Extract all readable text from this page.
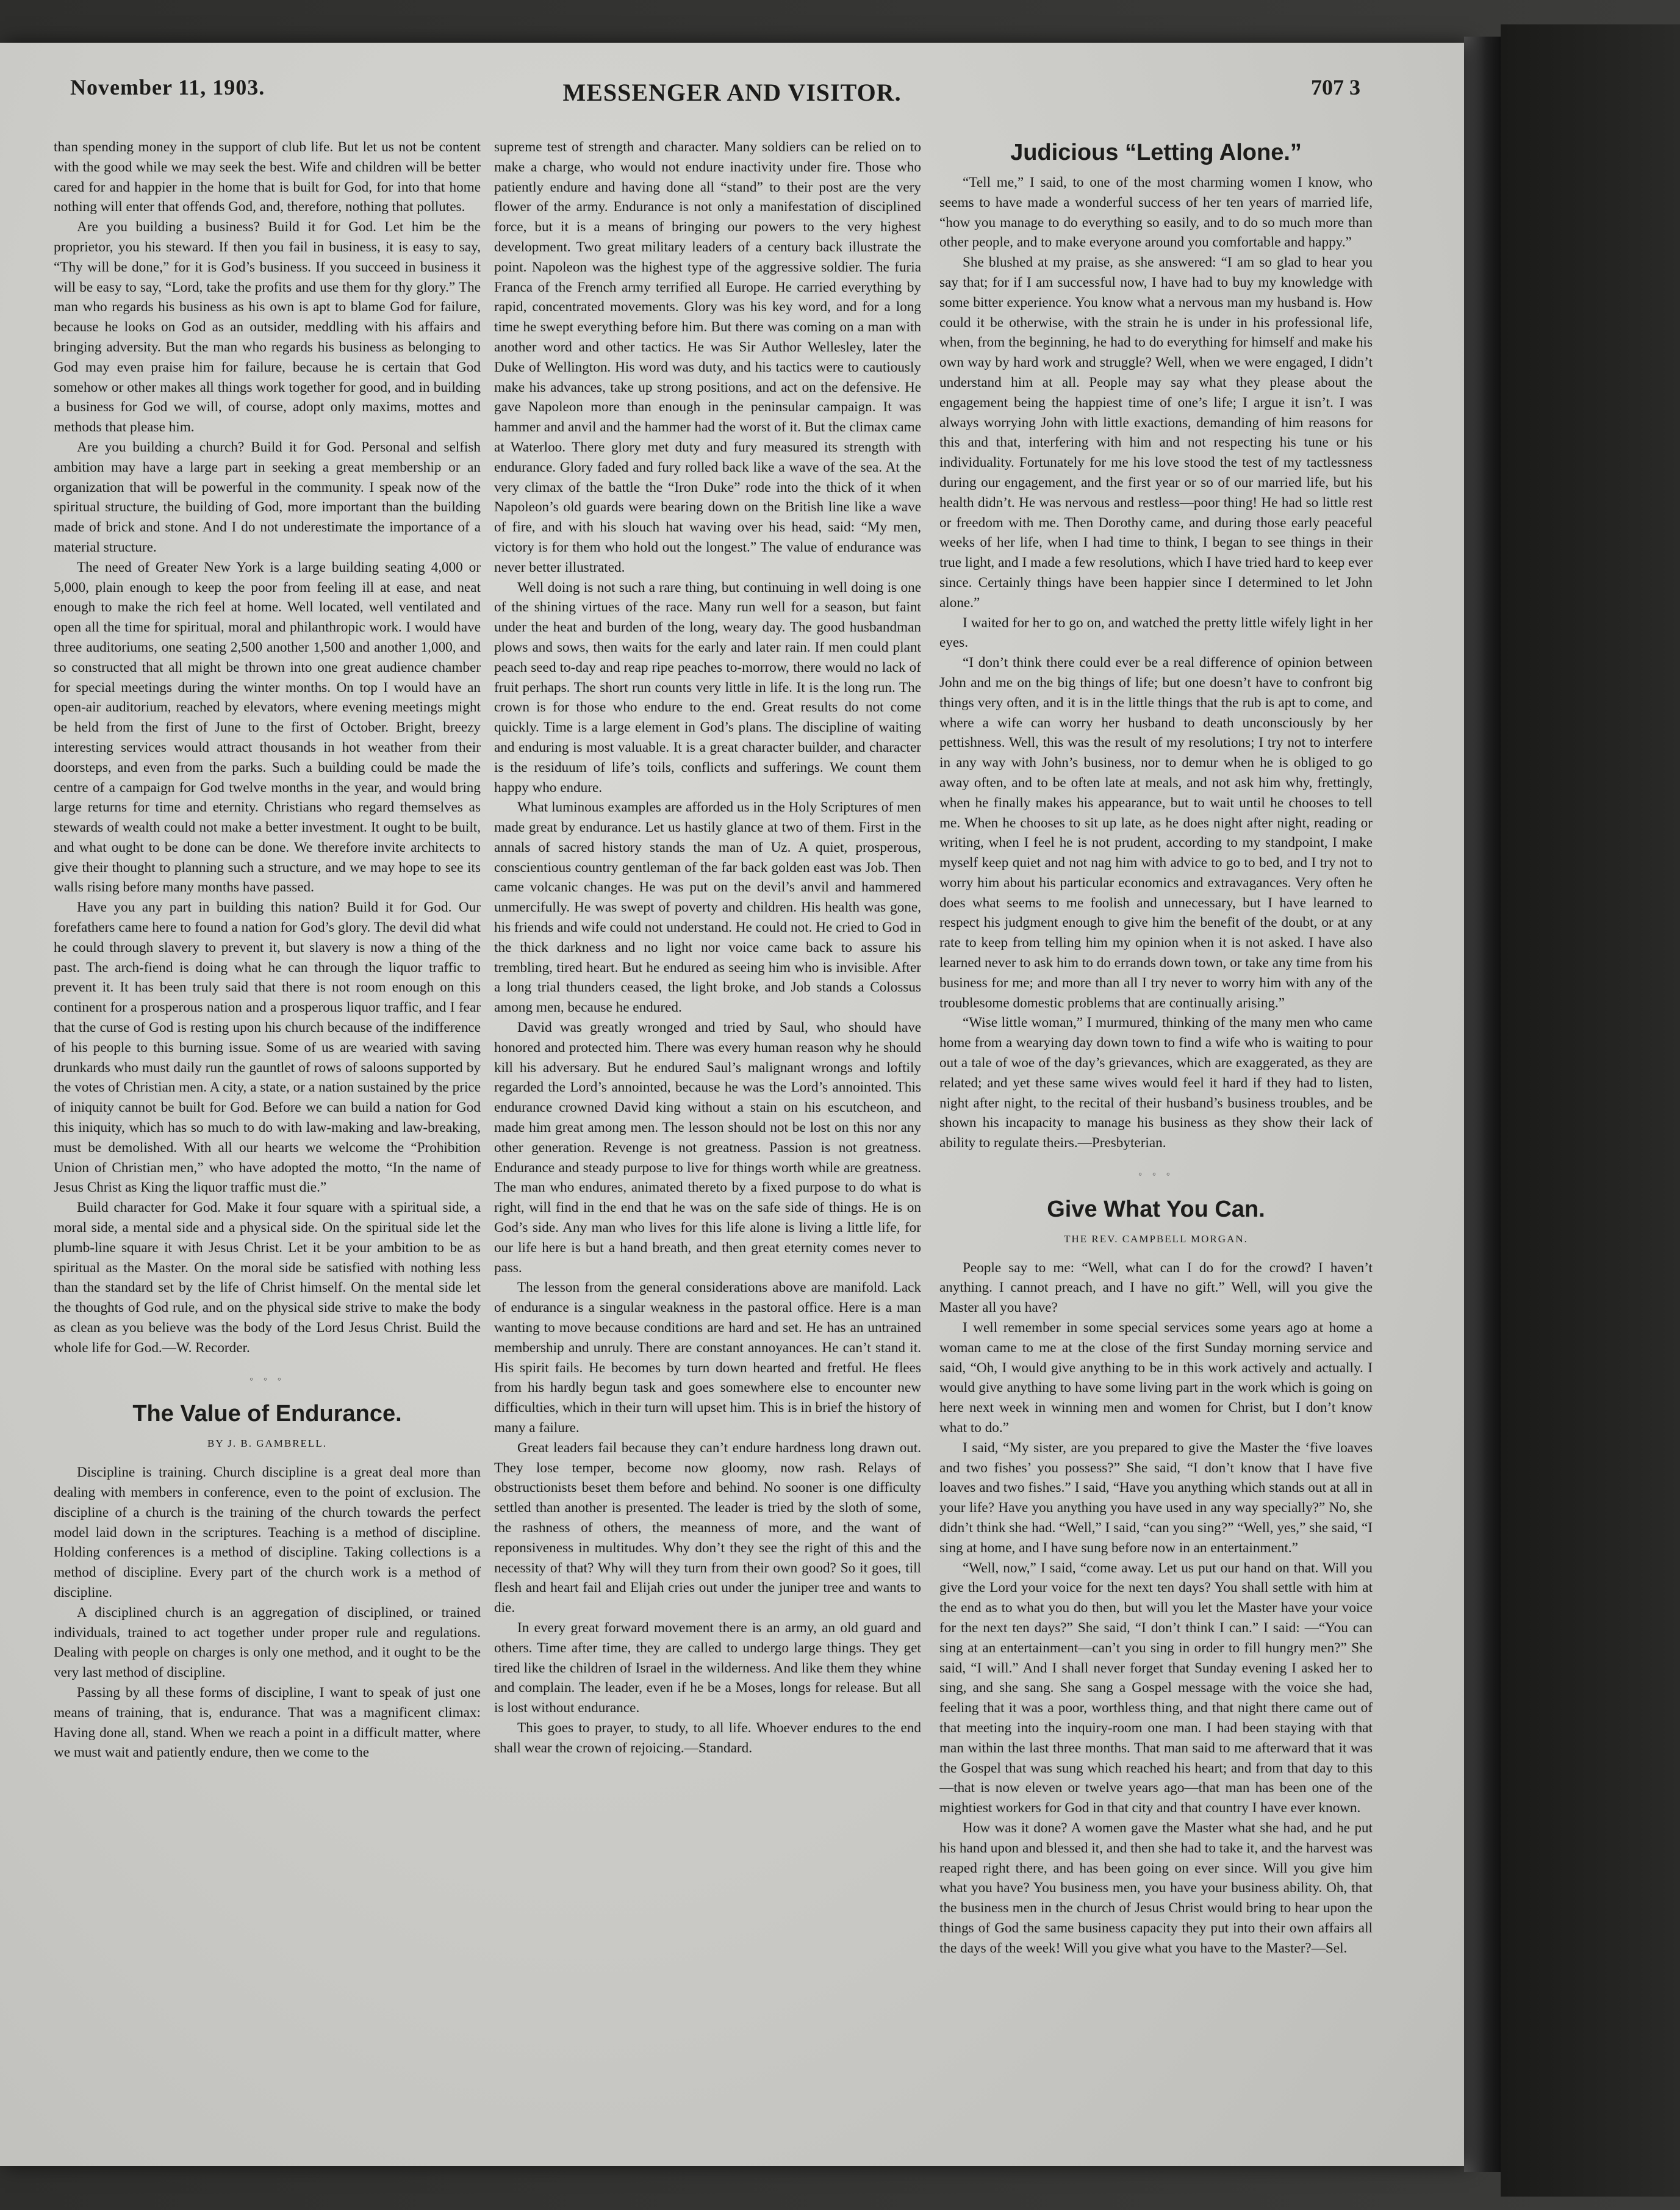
November 11, 1903.	MESSENGER AND VISITOR.	707 3

than spending money in the support of club life. But let us not be content with the good while we may seek the best. Wife and children will be better cared for and happier in the home that is built for God, for into that home nothing will enter that offends God, and, therefore, nothing that pollutes.

Are you building a business? Build it for God. Let him be the proprietor, you his steward. If then you fail in business, it is easy to say, “Thy will be done,” for it is God’s business. If you succeed in business it will be easy to say, “Lord, take the profits and use them for thy glory.” The man who regards his business as his own is apt to blame God for failure, because he looks on God as an outsider, meddling with his affairs and bringing adversity. But the man who regards his business as belonging to God may even praise him for failure, because he is certain that God somehow or other makes all things work together for good, and in building a business for God we will, of course, adopt only maxims, mottes and methods that please him.

Are you building a church? Build it for God. Personal and selfish ambition may have a large part in seeking a great membership or an organization that will be powerful in the community. I speak now of the spiritual structure, the building of God, more important than the building made of brick and stone. And I do not underestimate the importance of a material structure.

The need of Greater New York is a large building seating 4,000 or 5,000, plain enough to keep the poor from feeling ill at ease, and neat enough to make the rich feel at home. Well located, well ventilated and open all the time for spiritual, moral and philanthropic work. I would have three auditoriums, one seating 2,500 another 1,500 and another 1,000, and so constructed that all might be thrown into one great audience chamber for special meetings during the winter months. On top I would have an open-air auditorium, reached by elevators, where evening meetings might be held from the first of June to the first of October. Bright, breezy interesting services would attract thousands in hot weather from their doorsteps, and even from the parks. Such a building could be made the centre of a campaign for God twelve months in the year, and would bring large returns for time and eternity. Christians who regard themselves as stewards of wealth could not make a better investment. It ought to be built, and what ought to be done can be done. We therefore invite architects to give their thought to planning such a structure, and we may hope to see its walls rising before many months have passed.

Have you any part in building this nation? Build it for God. Our forefathers came here to found a nation for God’s glory. The devil did what he could through slavery to prevent it, but slavery is now a thing of the past. The arch-fiend is doing what he can through the liquor traffic to prevent it. It has been truly said that there is not room enough on this continent for a prosperous nation and a prosperous liquor traffic, and I fear that the curse of God is resting upon his church because of the indifference of his people to this burning issue. Some of us are wearied with saving drunkards who must daily run the gauntlet of rows of saloons supported by the votes of Christian men. A city, a state, or a nation sustained by the price of iniquity cannot be built for God. Before we can build a nation for God this iniquity, which has so much to do with law-making and law-breaking, must be demolished. With all our hearts we welcome the “Prohibition Union of Christian men,” who have adopted the motto, “In the name of Jesus Christ as King the liquor traffic must die.”

Build character for God. Make it four square with a spiritual side, a moral side, a mental side and a physical side. On the spiritual side let the plumb-line square it with Jesus Christ. Let it be your ambition to be as spiritual as the Master. On the moral side be satisfied with nothing less than the standard set by the life of Christ himself. On the mental side let the thoughts of God rule, and on the physical side strive to make the body as clean as you believe was the body of the Lord Jesus Christ. Build the whole life for God.—W. Recorder.

◦ ◦ ◦
The Value of Endurance.
BY J. B. GAMBRELL.

Discipline is training. Church discipline is a great deal more than dealing with members in conference, even to the point of exclusion. The discipline of a church is the training of the church towards the perfect model laid down in the scriptures. Teaching is a method of discipline. Holding conferences is a method of discipline. Taking collections is a method of discipline. Every part of the church work is a method of discipline.

A disciplined church is an aggregation of disciplined, or trained individuals, trained to act together under proper rule and regulations. Dealing with people on charges is only one method, and it ought to be the very last method of discipline.

Passing by all these forms of discipline, I want to speak of just one means of training, that is, endurance. That was a magnificent climax: Having done all, stand. When we reach a point in a difficult matter, where we must wait and patiently endure, then we come to the

supreme test of strength and character. Many soldiers can be relied on to make a charge, who would not endure inactivity under fire. Those who patiently endure and having done all “stand” to their post are the very flower of the army. Endurance is not only a manifestation of disciplined force, but it is a means of bringing our powers to the very highest development. Two great military leaders of a century back illustrate the point. Napoleon was the highest type of the aggressive soldier. The furia Franca of the French army terrified all Europe. He carried everything by rapid, concentrated movements. Glory was his key word, and for a long time he swept everything before him. But there was coming on a man with another word and other tactics. He was Sir Author Wellesley, later the Duke of Wellington. His word was duty, and his tactics were to cautiously make his advances, take up strong positions, and act on the defensive. He gave Napoleon more than enough in the peninsular campaign. It was hammer and anvil and the hammer had the worst of it. But the climax came at Waterloo. There glory met duty and fury measured its strength with endurance. Glory faded and fury rolled back like a wave of the sea. At the very climax of the battle the “Iron Duke” rode into the thick of it when Napoleon’s old guards were bearing down on the British line like a wave of fire, and with his slouch hat waving over his head, said: “My men, victory is for them who hold out the longest.” The value of endurance was never better illustrated.

Well doing is not such a rare thing, but continuing in well doing is one of the shining virtues of the race. Many run well for a season, but faint under the heat and burden of the long, weary day. The good husbandman plows and sows, then waits for the early and later rain. If men could plant peach seed to-day and reap ripe peaches to-morrow, there would no lack of fruit perhaps. The short run counts very little in life. It is the long run. The crown is for those who endure to the end. Great results do not come quickly. Time is a large element in God’s plans. The discipline of waiting and enduring is most valuable. It is a great character builder, and character is the residuum of life’s toils, conflicts and sufferings. We count them happy who endure.

What luminous examples are afforded us in the Holy Scriptures of men made great by endurance. Let us hastily glance at two of them. First in the annals of sacred history stands the man of Uz. A quiet, prosperous, conscientious country gentleman of the far back golden east was Job. Then came volcanic changes. He was put on the devil’s anvil and hammered unmercifully. He was swept of poverty and children. His health was gone, his friends and wife could not understand. He could not. He cried to God in the thick darkness and no light nor voice came back to assure his trembling, tired heart. But he endured as seeing him who is invisible. After a long trial thunders ceased, the light broke, and Job stands a Colossus among men, because he endured.

David was greatly wronged and tried by Saul, who should have honored and protected him. There was every human reason why he should kill his adversary. But he endured Saul’s malignant wrongs and loftily regarded the Lord’s annointed, because he was the Lord’s annointed. This endurance crowned David king without a stain on his escutcheon, and made him great among men. The lesson should not be lost on this nor any other generation. Revenge is not greatness. Passion is not greatness. Endurance and steady purpose to live for things worth while are greatness. The man who endures, animated thereto by a fixed purpose to do what is right, will find in the end that he was on the safe side of things. He is on God’s side. Any man who lives for this life alone is living a little life, for our life here is but a hand breath, and then great eternity comes never to pass.

The lesson from the general considerations above are manifold. Lack of endurance is a singular weakness in the pastoral office. Here is a man wanting to move because conditions are hard and set. He has an untrained membership and unruly. There are constant annoyances. He can’t stand it. His spirit fails. He becomes by turn down hearted and fretful. He flees from his hardly begun task and goes somewhere else to encounter new difficulties, which in their turn will upset him. This is in brief the history of many a failure.

Great leaders fail because they can’t endure hardness long drawn out. They lose temper, become now gloomy, now rash. Relays of obstructionists beset them before and behind. No sooner is one difficulty settled than another is presented. The leader is tried by the sloth of some, the rashness of others, the meanness of more, and the want of reponsiveness in multitudes. Why don’t they see the right of this and the necessity of that? Why will they turn from their own good? So it goes, till flesh and heart fail and Elijah cries out under the juniper tree and wants to die.

In every great forward movement there is an army, an old guard and others. Time after time, they are called to undergo large things. They get tired like the children of Israel in the wilderness. And like them they whine and complain. The leader, even if he be a Moses, longs for release. But all is lost without endurance.

This goes to prayer, to study, to all life. Whoever endures to the end shall wear the crown of rejoicing.—Standard.

Judicious “Letting Alone.”

“Tell me,” I said, to one of the most charming women I know, who seems to have made a wonderful success of her ten years of married life, “how you manage to do everything so easily, and to do so much more than other people, and to make everyone around you comfortable and happy.”

She blushed at my praise, as she answered: “I am so glad to hear you say that; for if I am successful now, I have had to buy my knowledge with some bitter experience. You know what a nervous man my husband is. How could it be otherwise, with the strain he is under in his professional life, when, from the beginning, he had to do everything for himself and make his own way by hard work and struggle? Well, when we were engaged, I didn’t understand him at all. People may say what they please about the engagement being the happiest time of one’s life; I argue it isn’t. I was always worrying John with little exactions, demanding of him reasons for this and that, interfering with him and not respecting his tune or his individuality. Fortunately for me his love stood the test of my tactlessness during our engagement, and the first year or so of our married life, but his health didn’t. He was nervous and restless—poor thing! He had so little rest or freedom with me. Then Dorothy came, and during those early peaceful weeks of her life, when I had time to think, I began to see things in their true light, and I made a few resolutions, which I have tried hard to keep ever since. Certainly things have been happier since I determined to let John alone.”

I waited for her to go on, and watched the pretty little wifely light in her eyes.

“I don’t think there could ever be a real difference of opinion between John and me on the big things of life; but one doesn’t have to confront big things very often, and it is in the little things that the rub is apt to come, and where a wife can worry her husband to death unconsciously by her pettishness. Well, this was the result of my resolutions; I try not to interfere in any way with John’s business, nor to demur when he is obliged to go away often, and to be often late at meals, and not ask him why, frettingly, when he finally makes his appearance, but to wait until he chooses to tell me. When he chooses to sit up late, as he does night after night, reading or writing, when I feel he is not prudent, according to my standpoint, I make myself keep quiet and not nag him with advice to go to bed, and I try not to worry him about his particular economics and extravagances. Very often he does what seems to me foolish and unnecessary, but I have learned to respect his judgment enough to give him the benefit of the doubt, or at any rate to keep from telling him my opinion when it is not asked. I have also learned never to ask him to do errands down town, or take any time from his business for me; and more than all I try never to worry him with any of the troublesome domestic problems that are continually arising.”

“Wise little woman,” I murmured, thinking of the many men who came home from a wearying day down town to find a wife who is waiting to pour out a tale of woe of the day’s grievances, which are exaggerated, as they are related; and yet these same wives would feel it hard if they had to listen, night after night, to the recital of their husband’s business troubles, and be shown his incapacity to manage his business as they show their lack of ability to regulate theirs.—Presbyterian.

◦ ◦ ◦
Give What You Can.
THE REV. CAMPBELL MORGAN.

People say to me: “Well, what can I do for the crowd? I haven’t anything. I cannot preach, and I have no gift.” Well, will you give the Master all you have?

I well remember in some special services some years ago at home a woman came to me at the close of the first Sunday morning service and said, “Oh, I would give anything to be in this work actively and actually. I would give anything to have some living part in the work which is going on here next week in winning men and women for Christ, but I don’t know what to do.”

I said, “My sister, are you prepared to give the Master the ‘five loaves and two fishes’ you possess?” She said, “I don’t know that I have five loaves and two fishes.” I said, “Have you anything which stands out at all in your life? Have you anything you have used in any way specially?” No, she didn’t think she had. “Well,” I said, “can you sing?” “Well, yes,” she said, “I sing at home, and I have sung before now in an entertainment.”

“Well, now,” I said, “come away. Let us put our hand on that. Will you give the Lord your voice for the next ten days? You shall settle with him at the end as to what you do then, but will you let the Master have your voice for the next ten days?” She said, “I don’t think I can.” I said: —“You can sing at an entertainment—can’t you sing in order to fill hungry men?” She said, “I will.” And I shall never forget that Sunday evening I asked her to sing, and she sang. She sang a Gospel message with the voice she had, feeling that it was a poor, worthless thing, and that night there came out of that meeting into the inquiry-room one man. I had been staying with that man within the last three months. That man said to me afterward that it was the Gospel that was sung which reached his heart; and from that day to this—that is now eleven or twelve years ago—that man has been one of the mightiest workers for God in that city and that country I have ever known.

How was it done? A women gave the Master what she had, and he put his hand upon and blessed it, and then she had to take it, and the harvest was reaped right there, and has been going on ever since. Will you give him what you have? You business men, you have your business ability. Oh, that the business men in the church of Jesus Christ would bring to hear upon the things of God the same business capacity they put into their own affairs all the days of the week! Will you give what you have to the Master?—Sel.
